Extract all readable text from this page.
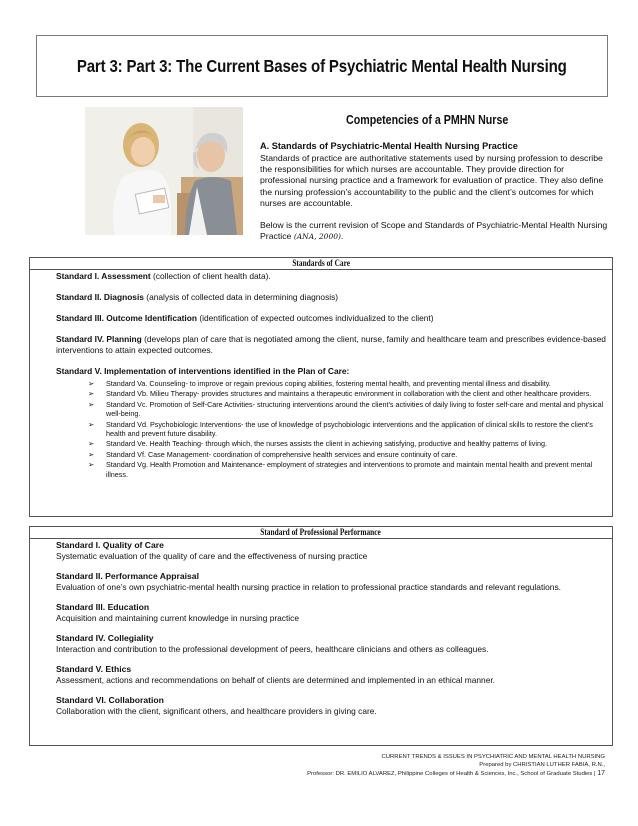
Part 3: Part 3: The Current Bases of Psychiatric Mental Health Nursing
Competencies of a PMHN Nurse
A. Standards of Psychiatric-Mental Health Nursing Practice
Standards of practice are authoritative statements used by nursing profession to describe the responsibilities for which nurses are accountable. They provide direction for professional nursing practice and a framework for evaluation of practice. They also define the nursing profession’s accountability to the public and the client’s outcomes for which nurses are accountable.
Below is the current revision of Scope and Standards of Psychiatric-Mental Health Nursing Practice (ANA, 2000).
Standards of Care
Standard I. Assessment (collection of client health data).
Standard II. Diagnosis (analysis of collected data in determining diagnosis)
Standard III. Outcome Identification (identification of expected outcomes individualized to the client)
Standard IV. Planning (develops plan of care that is negotiated among the client, nurse, family and healthcare team and prescribes evidence-based interventions to attain expected outcomes.
Standard V. Implementation of interventions identified in the Plan of Care:
➢ Standard Va. Counseling- to improve or regain previous coping abilities, fostering mental health, and preventing mental illness and disability.
➢ Standard Vb. Milieu Therapy- provides structures and maintains a therapeutic environment in collaboration with the client and other healthcare providers.
➢ Standard Vc. Promotion of Self-Care Activities- structuring interventions around the client’s activities of daily living to foster self-care and mental and physical well-being.
➢ Standard Vd. Psychobiologic Interventions- the use of knowledge of psychobiologic interventions and the application of clinical skills to restore the client’s health and prevent future disability.
➢ Standard Ve. Health Teaching- through which, the nurses assists the client in achieving satisfying, productive and healthy patterns of living.
➢ Standard Vf. Case Management- coordination of comprehensive health services and ensure continuity of care.
➢ Standard Vg. Health Promotion and Maintenance- employment of strategies and interventions to promote and maintain mental health and prevent mental illness.
Standard of Professional Performance
Standard I. Quality of Care
Systematic evaluation of the quality of care and the effectiveness of nursing practice
Standard II. Performance Appraisal
Evaluation of one’s own psychiatric-mental health nursing practice in relation to professional practice standards and relevant regulations.
Standard III. Education
Acquisition and maintaining current knowledge in nursing practice
Standard IV. Collegiality
Interaction and contribution to the professional development of peers, healthcare clinicians and others as colleagues.
Standard V. Ethics
Assessment, actions and recommendations on behalf of clients are determined and implemented in an ethical manner.
Standard VI. Collaboration
Collaboration with the client, significant others, and healthcare providers in giving care.
CURRENT TRENDS & ISSUES IN PSYCHIATRIC AND MENTAL HEALTH NURSING
Prepared by CHRISTIAN LUTHER FABIA, R.N.,
Professor: DR. EMILIO ALVAREZ, Philippine Colleges of Health & Sciences, Inc., School of Graduate Studies | 17
